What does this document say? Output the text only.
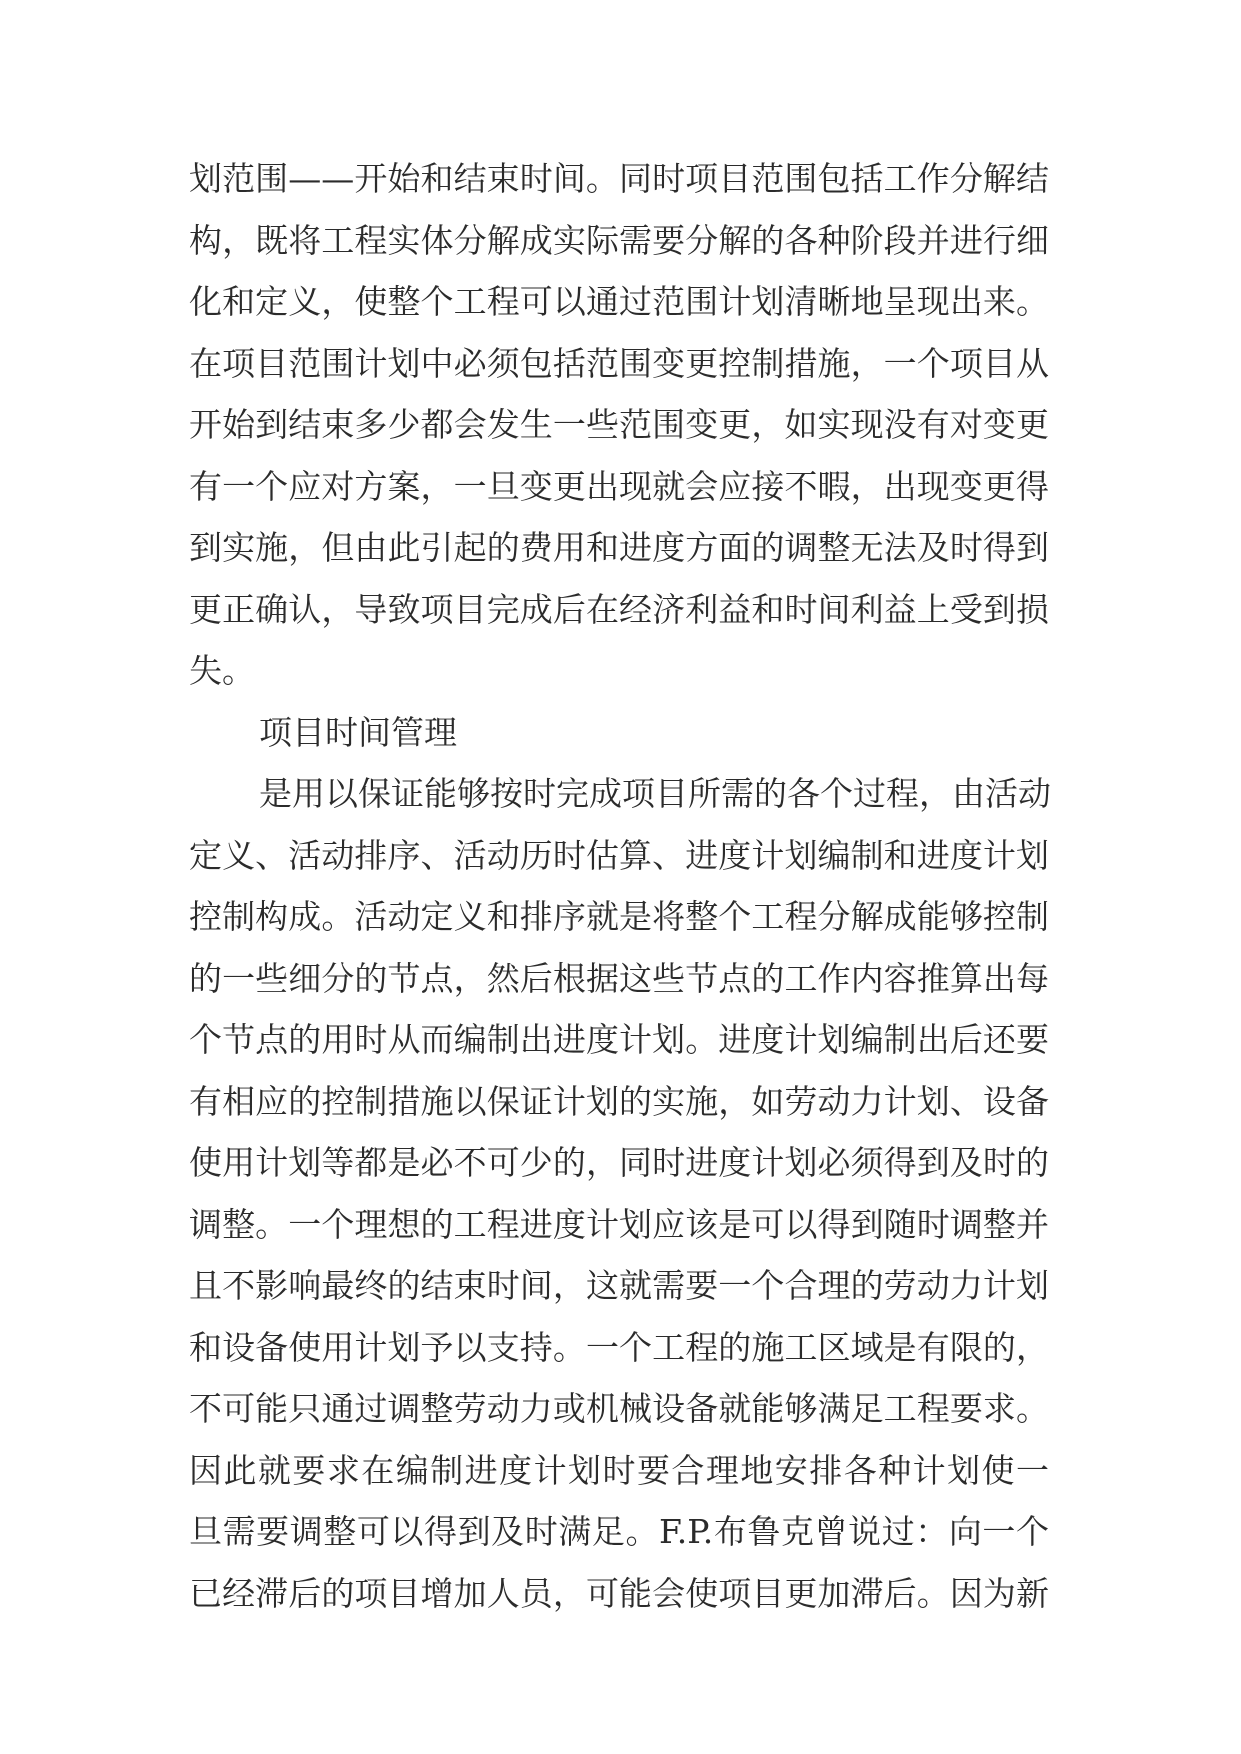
划范围——开始和结束时间。同时项目范围包括工作分解结
构，既将工程实体分解成实际需要分解的各种阶段并进行细
化和定义，使整个工程可以通过范围计划清晰地呈现出来。
在项目范围计划中必须包括范围变更控制措施，一个项目从
开始到结束多少都会发生一些范围变更，如实现没有对变更
有一个应对方案，一旦变更出现就会应接不暇，出现变更得
到实施，但由此引起的费用和进度方面的调整无法及时得到
更正确认，导致项目完成后在经济利益和时间利益上受到损
失。
项目时间管理
是用以保证能够按时完成项目所需的各个过程，由活动
定义、活动排序、活动历时估算、进度计划编制和进度计划
控制构成。活动定义和排序就是将整个工程分解成能够控制
的一些细分的节点，然后根据这些节点的工作内容推算出每
个节点的用时从而编制出进度计划。进度计划编制出后还要
有相应的控制措施以保证计划的实施，如劳动力计划、设备
使用计划等都是必不可少的，同时进度计划必须得到及时的
调整。一个理想的工程进度计划应该是可以得到随时调整并
且不影响最终的结束时间，这就需要一个合理的劳动力计划
和设备使用计划予以支持。一个工程的施工区域是有限的，
不可能只通过调整劳动力或机械设备就能够满足工程要求。
因此就要求在编制进度计划时要合理地安排各种计划使一
旦需要调整可以得到及时满足。F.P.布鲁克曾说过：向一个
已经滞后的项目增加人员，可能会使项目更加滞后。因为新
